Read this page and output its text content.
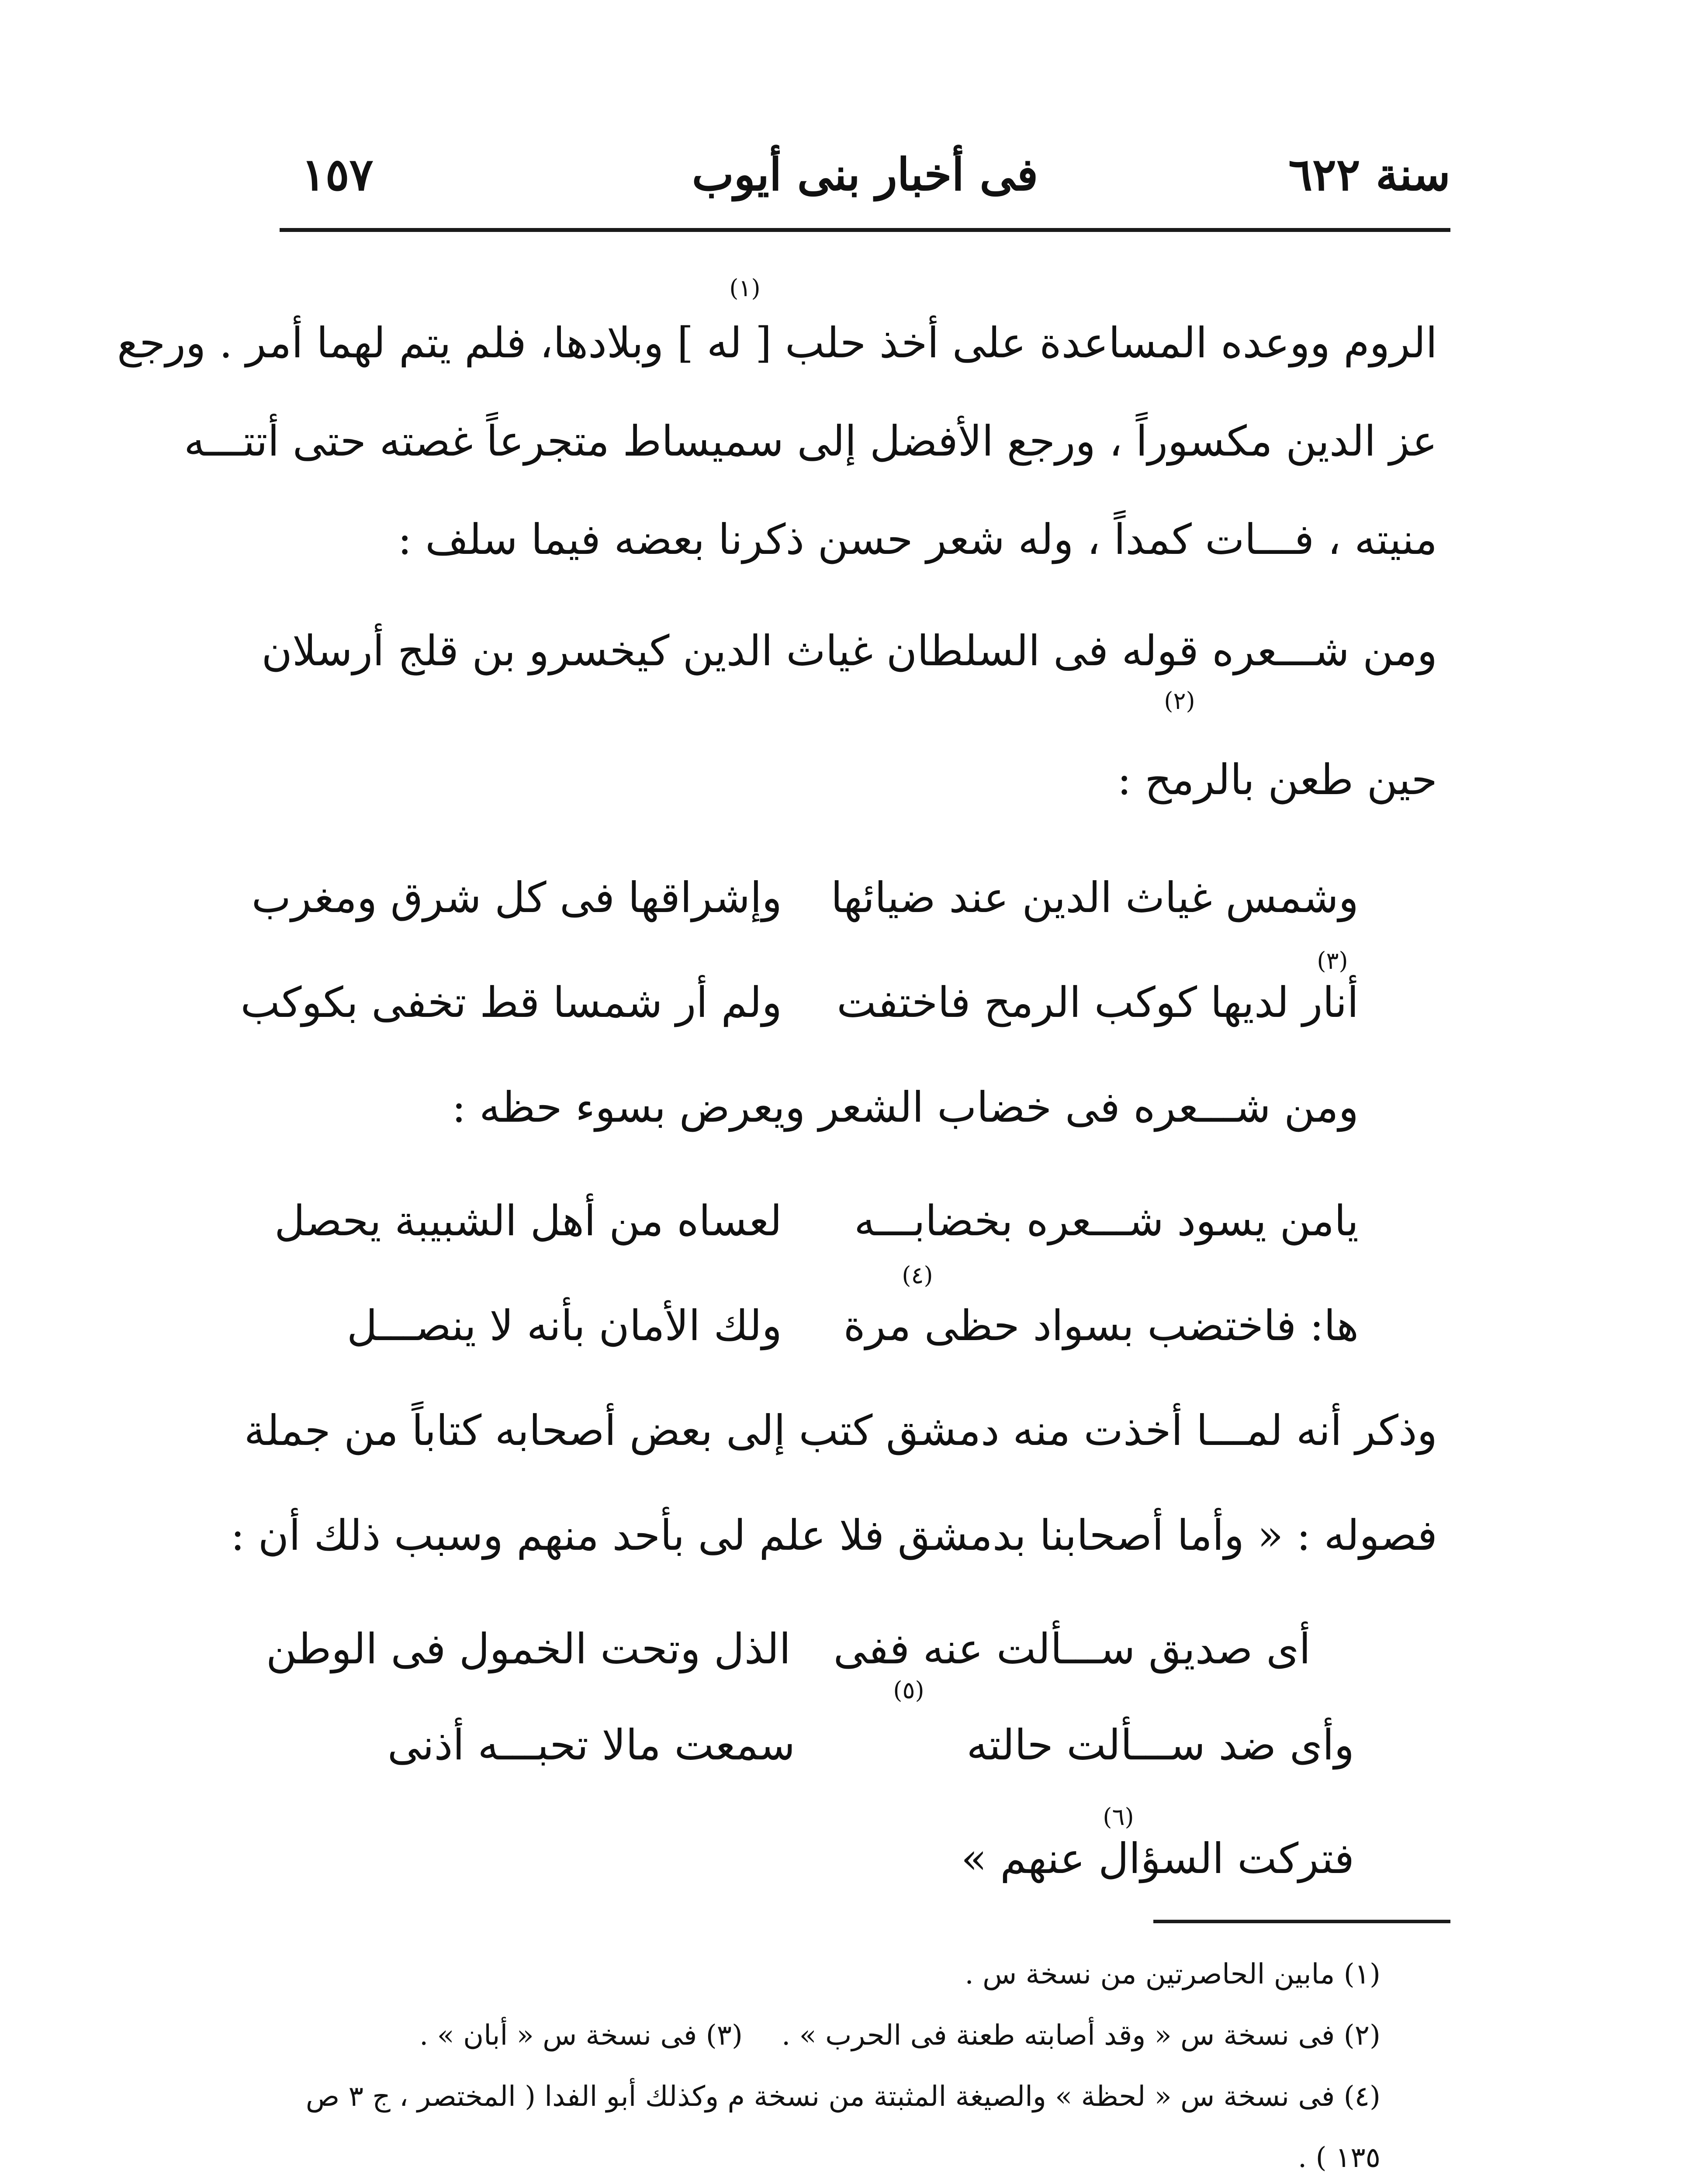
١٥٧	فى أخبار بنى أيوب	سنة ٦٢٢
(١)
الروم ووعده المساعدة على أخذ حلب [ له ] وبلادها، فلم يتم لهما أمر . ورجع
عز الدين مكسوراً ، ورجع الأفضل إلى سميساط متجرعاً غصته حتى أتتـــه
منيته ، فـــات كمداً ، وله شعر حسن ذكرنا بعضه فيما سلف :
ومن شـــعره قوله فى السلطان غياث الدين كيخسرو بن قلج أرسلان
(٢)
حين طعن بالرمح :
وشمس غياث الدين عند ضيائها
وإشراقها فى كل شرق ومغرب
(٣)
أنار لديها كوكب الرمح فاختفت
ولم أر شمسا قط تخفى بكوكب
ومن شـــعره فى خضاب الشعر ويعرض بسوء حظه :
يامن يسود شـــعره بخضابـــه
لعساه من أهل الشبيبة يحصل
(٤)
ها: فاختضب بسواد حظى مرة
ولك الأمان بأنه لا ينصـــل
وذكر أنه لمـــا أخذت منه دمشق كتب إلى بعض أصحابه كتاباً من جملة
فصوله : « وأما أصحابنا بدمشق فلا علم لى بأحد منهم وسبب ذلك أن :
أى صديق ســـألت عنه ففى
الذل وتحت الخمول فى الوطن
(٥)
وأى ضد ســـألت حالته
سمعت مالا تحبـــه أذنى
(٦)
فتركت السؤال عنهم »
(١) مابين الحاصرتين من نسخة س .
(٢) فى نسخة س « وقد أصابته طعنة فى الحرب » .
(٣) فى نسخة س « أبان » .
(٤) فى نسخة س « لحظة » والصيغة المثبتة من نسخة م وكذلك أبو الفدا ( المختصر ، ج ٣ ص
١٣٥ ) .
